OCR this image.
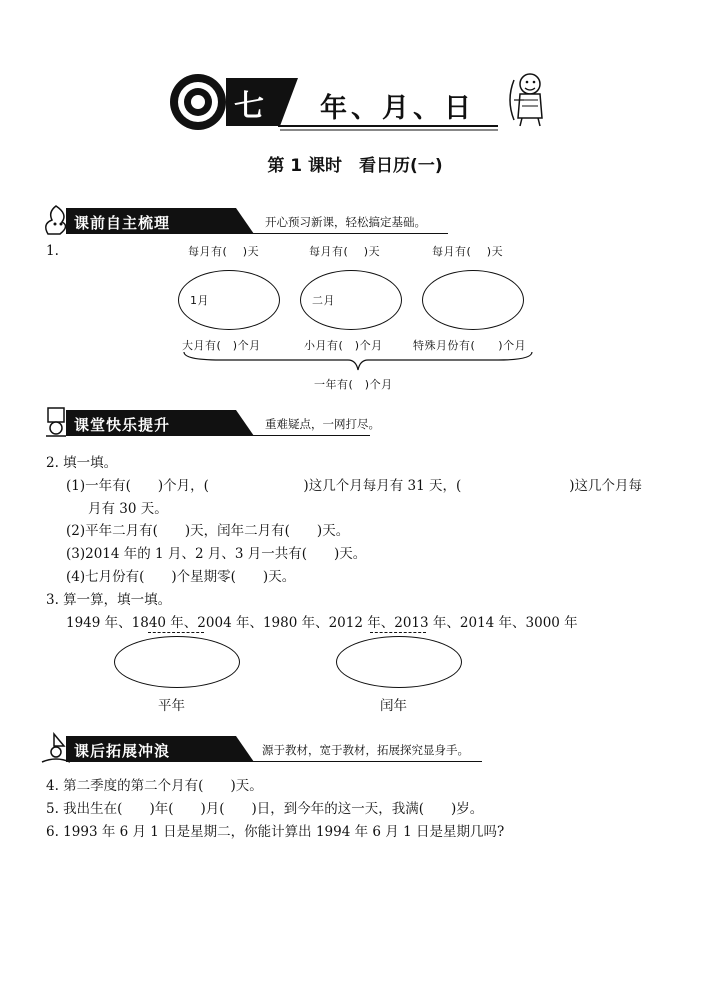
七 年、月、日
第 1 课时　看日历(一)
课前自主梳理	开心预习新课，轻松搞定基础。
1.	每月有(　 )天	每月有(　 )天	每月有(　 )天
1月	二月
大月有(　)个月	小月有(　)个月	特殊月份有(　　)个月
一年有(　)个月
课堂快乐提升	重难疑点，一网打尽。
2. 填一填。
(1)一年有(　　)个月，(　　　　　　　)这几个月每月有 31 天，(　　　　　　　　)这几个月每
月有 30 天。
(2)平年二月有(　　)天，闰年二月有(　　)天。
(3)2014 年的 1 月、2 月、3 月一共有(　　)天。
(4)七月份有(　　)个星期零(　　)天。
3. 算一算，填一填。
1949 年、1840 年、2004 年、1980 年、2012 年、2013 年、2014 年、3000 年
平年	闰年
课后拓展冲浪	源于教材，宽于教材，拓展探究显身手。
4. 第二季度的第二个月有(　　)天。
5. 我出生在(　　)年(　　)月(　　)日，到今年的这一天，我满(　　)岁。
6. 1993 年 6 月 1 日是星期二，你能计算出 1994 年 6 月 1 日是星期几吗?
